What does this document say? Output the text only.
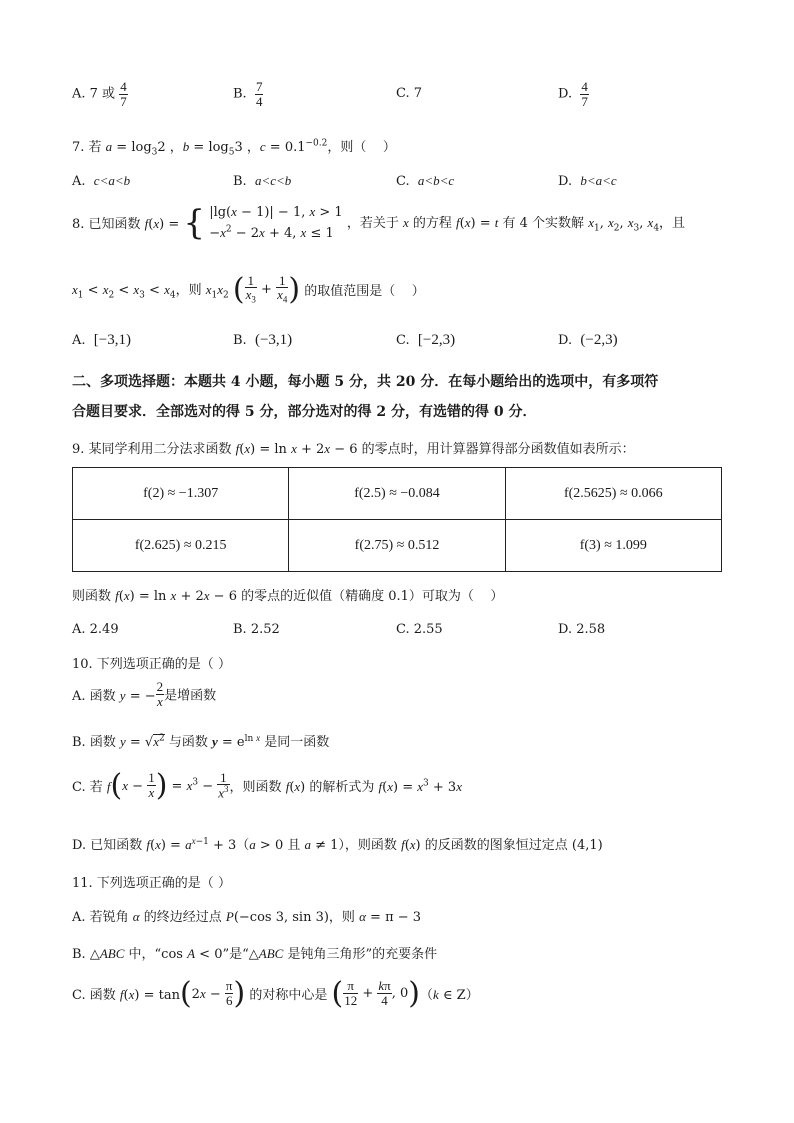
A. 7 或 $\frac{4}{7}$	B. $\frac{7}{4}$	C. 7	D. $\frac{4}{7}$
7. 若 $a = \log_32$ ，$b = \log_53$ ，$c = 0.1^{-0.2}$，则（    ）
A.  c<a<b	B.  a<c<b	C.  a<b<c	D.  b<a<c
8. 已知函数 f(x) = { |lg(x − 1)| − 1, x > 1
$-x^2 - 2x + 4$, x ≤ 1
，若关于 x 的方程 f(x) = t 有 4 个实数解 $x_1$, $x_2$, $x_3$, $x_4$，且
$x_1 < x_2 < x_3 < x_4$，则 $x_1x_2$ ( $\frac{1}{x_3} + \frac{1}{x_4}$ ) 的取值范围是（    ）
A.  [−3,1)	B.  (−3,1)	C.  [−2,3)	D.  (−2,3)
二、多项选择题：本题共 4 小题，每小题 5 分，共 20 分．在每小题给出的选项中，有多项符
合题目要求．全部选对的得 5 分，部分选对的得 2 分，有选错的得 0 分．
9. 某同学利用二分法求函数 f(x) = ln x + 2x − 6 的零点时，用计算器算得部分函数值如表所示：
f(2) ≈ −1.307	f(2.5) ≈ −0.084	f(2.5625) ≈ 0.066
f(2.625) ≈ 0.215	f(2.75) ≈ 0.512	f(3) ≈ 1.099
则函数 f(x) = ln x + 2x − 6 的零点的近似值（精确度 0.1）可取为（    ）
A. 2.49	B. 2.52	C. 2.55	D. 2.58
10. 下列选项正确的是（ ）
A. 函数 y = − $\frac{2}{x}$ 是增函数
B. 函数 $y = √x^2$ 与函数 $y = e^{ln x}$ 是同一函数
C. 若 $f(x - \frac{1}{x}$ ) = $x^3 - \frac{1}{x^3}$ ，则函数 f(x) 的解析式为 $f(x) = x^3 + 3x$
D. 已知函数 $f(x) = a^{x-1} + 3(a > 0$ 且 a ≠ 1），则函数 f(x) 的反函数的图象恒过定点 (4,1)
11. 下列选项正确的是（ ）
A. 若锐角 α 的终边经过点 P(−cos 3, sin 3)，则 α = π − 3
B. △ABC 中，“cos A < 0”是“△ABC 是钝角三角形”的充要条件
C. 函数 $f(x) = \tan(2x - \frac{\pi}{6}$ ) 的对称中心是 ( $\frac{\pi}{12} + \frac{k\pi}{4}$ , 0)（k ∈ Z）
